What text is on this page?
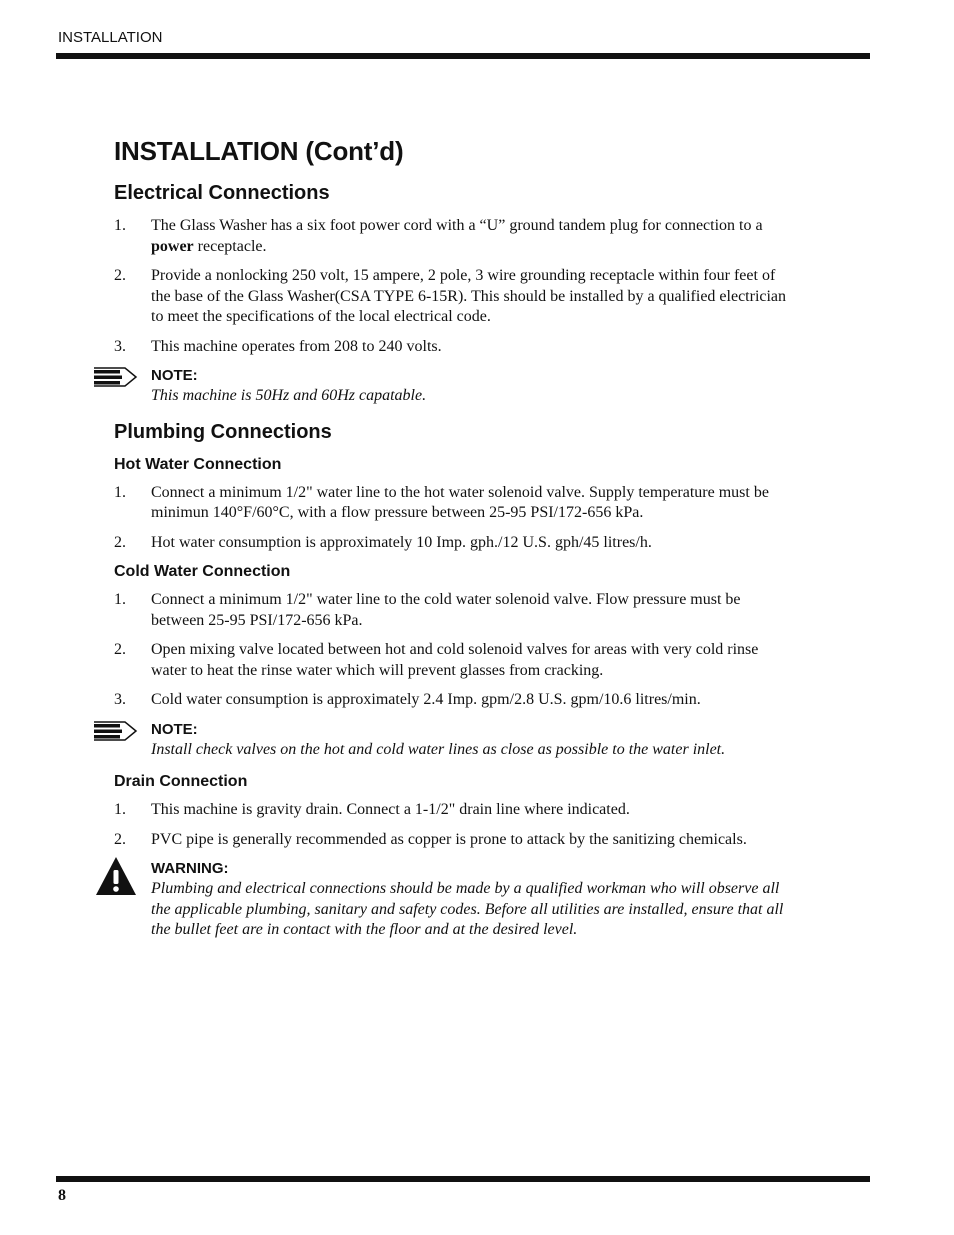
INSTALLATION
INSTALLATION (Cont’d)
Electrical Connections
1. The Glass Washer has a six foot power cord with a “U” ground tandem plug for connection to a power receptacle.
2. Provide a nonlocking 250 volt, 15 ampere, 2 pole, 3 wire grounding receptacle within four feet of the base of the Glass Washer(CSA TYPE 6-15R). This should be installed by a qualified electrician to meet the specifications of the local electrical code.
3. This machine operates from 208 to 240 volts.
NOTE:
This machine is 50Hz and 60Hz capatable.
Plumbing Connections
Hot Water Connection
1. Connect a minimum 1/2" water line to the hot water solenoid valve. Supply temperature must be minimun 140°F/60°C, with a flow pressure between 25-95 PSI/172-656 kPa.
2. Hot water consumption is approximately 10 Imp. gph./12 U.S. gph/45 litres/h.
Cold Water Connection
1. Connect a minimum 1/2" water line to the cold water solenoid valve. Flow pressure must be between 25-95 PSI/172-656 kPa.
2. Open mixing valve located between hot and cold solenoid valves for areas with very cold rinse water to heat the rinse water which will prevent glasses from cracking.
3. Cold water consumption is approximately 2.4 Imp. gpm/2.8 U.S. gpm/10.6 litres/min.
NOTE:
Install check valves on the hot and cold water lines as close as possible to the water inlet.
Drain Connection
1. This machine is gravity drain. Connect a 1-1/2" drain line where indicated.
2. PVC pipe is generally recommended as copper is prone to attack by the sanitizing chemicals.
WARNING:
Plumbing and electrical connections should be made by a qualified workman who will observe all the applicable plumbing, sanitary and safety codes. Before all utilities are installed, ensure that all the bullet feet are in contact with the floor and at the desired level.
8
